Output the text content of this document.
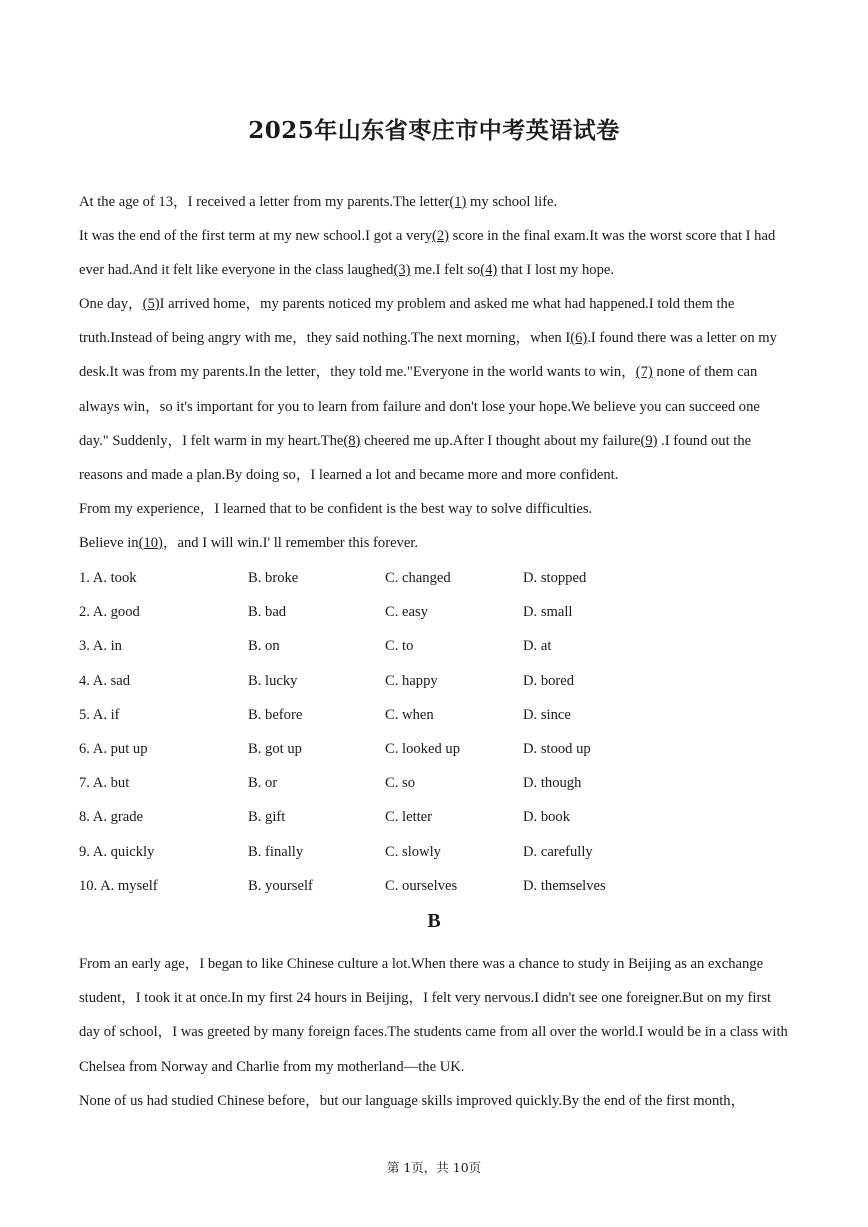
2025年山东省枣庄市中考英语试卷

At the age of 13，I received a letter from my parents.The letter(1) my school life.

It was the end of the first term at my new school.I got a very(2) score in the final exam.It was the worst score that I had ever had.And it felt like everyone in the class laughed(3) me.I felt so(4) that I lost my hope.

One day，(5)I arrived home，my parents noticed my problem and asked me what had happened.I told them the truth.Instead of being angry with me，they said nothing.The next morning，when I(6).I found there was a letter on my desk.It was from my parents.In the letter，they told me."Everyone in the world wants to win，(7) none of them can always win，so it's important for you to learn from failure and don't lose your hope.We believe you can succeed one day." Suddenly，I felt warm in my heart.The(8) cheered me up.After I thought about my failure(9) .I found out the reasons and made a plan.By doing so，I learned a lot and became more and more confident.

From my experience，I learned that to be confident is the best way to solve difficulties.

Believe in(10)，and I will win.I' ll remember this forever.

1. A. took	B. broke	C. changed	D. stopped
2. A. good	B. bad	C. easy	D. small
3. A. in	B. on	C. to	D. at
4. A. sad	B. lucky	C. happy	D. bored
5. A. if	B. before	C. when	D. since
6. A. put up	B. got up	C. looked up	D. stood up
7. A. but	B. or	C. so	D. though
8. A. grade	B. gift	C. letter	D. book
9. A. quickly	B. finally	C. slowly	D. carefully
10. A. myself	B. yourself	C. ourselves	D. themselves
B

From an early age，I began to like Chinese culture a lot.When there was a chance to study in Beijing as an exchange student，I took it at once.In my first 24 hours in Beijing，I felt very nervous.I didn't see one foreigner.But on my first day of school，I was greeted by many foreign faces.The students came from all over the world.I would be in a class with Chelsea from Norway and Charlie from my motherland—the UK.

None of us had studied Chinese before，but our language skills improved quickly.By the end of the first month，

第 1页，共 10页
